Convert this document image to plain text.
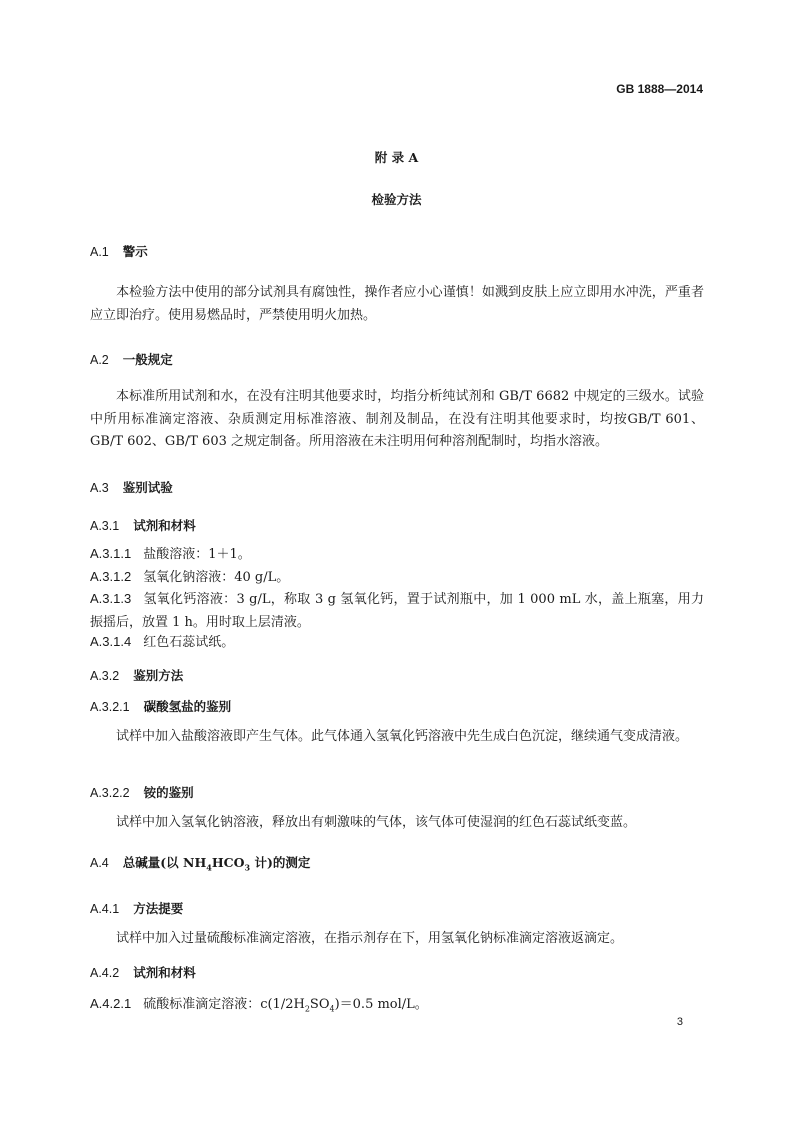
GB 1888—2014
附 录 A
检验方法
A.1 警示
本检验方法中使用的部分试剂具有腐蚀性，操作者应小心谨慎！如溅到皮肤上应立即用水冲洗，严重者应立即治疗。使用易燃品时，严禁使用明火加热。
A.2 一般规定
本标准所用试剂和水，在没有注明其他要求时，均指分析纯试剂和 GB/T 6682 中规定的三级水。试验中所用标准滴定溶液、杂质测定用标准溶液、制剂及制品，在没有注明其他要求时，均按GB/T 601、GB/T 602、GB/T 603 之规定制备。所用溶液在未注明用何种溶剂配制时，均指水溶液。
A.3 鉴别试验
A.3.1 试剂和材料
A.3.1.1 盐酸溶液：1＋1。
A.3.1.2 氢氧化钠溶液：40 g/L。
A.3.1.3 氢氧化钙溶液：3 g/L，称取 3 g 氢氧化钙，置于试剂瓶中，加 1 000 mL 水，盖上瓶塞，用力振摇后，放置 1 h。用时取上层清液。
A.3.1.4 红色石蕊试纸。
A.3.2 鉴别方法
A.3.2.1 碳酸氢盐的鉴别
试样中加入盐酸溶液即产生气体。此气体通入氢氧化钙溶液中先生成白色沉淀，继续通气变成清液。
A.3.2.2 铵的鉴别
试样中加入氢氧化钠溶液，释放出有刺激味的气体，该气体可使湿润的红色石蕊试纸变蓝。
A.4 总碱量(以 $NH_4HCO_3$ 计)的测定
A.4.1 方法提要
试样中加入过量硫酸标准滴定溶液，在指示剂存在下，用氢氧化钠标准滴定溶液返滴定。
A.4.2 试剂和材料
A.4.2.1 硫酸标准滴定溶液：$c(1/2H_2SO_4)=0.5$ mol/L。
3
